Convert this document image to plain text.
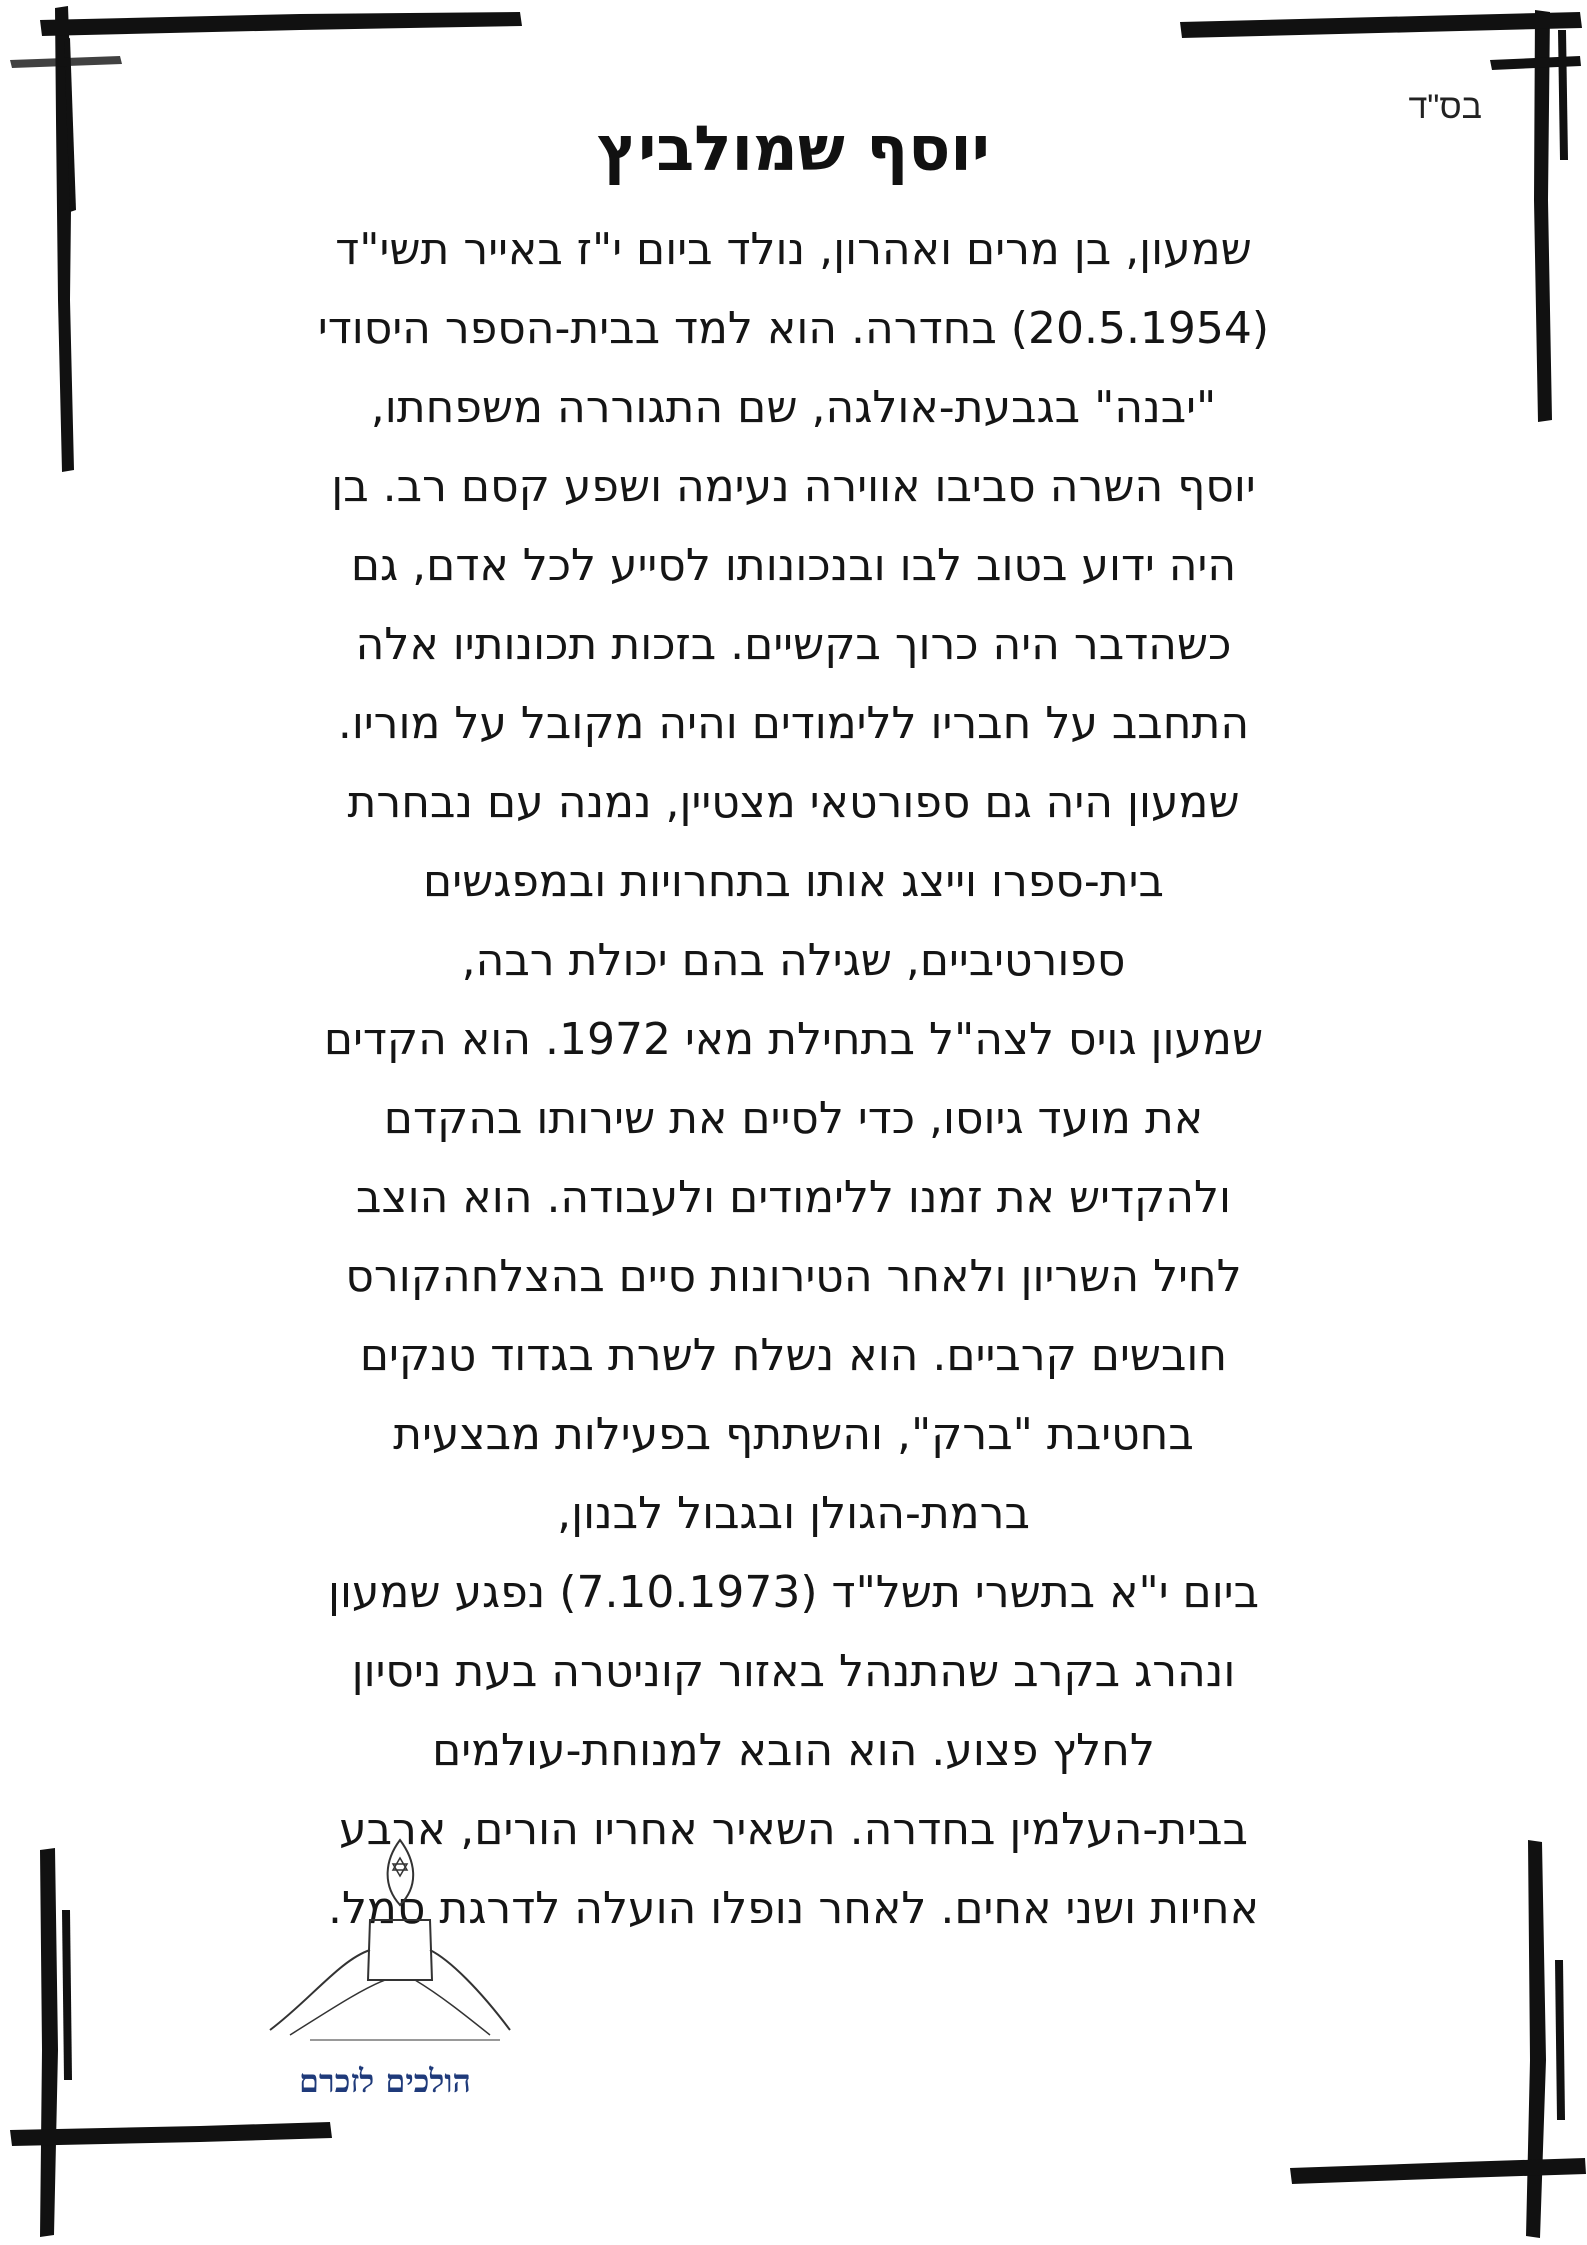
בס"ד
יוסף שמולביץ
שמעון, בן מרים ואהרון, נולד ביום י"ז באייר תשי"ד
(20.5.1954) בחדרה. הוא למד בבית-הספר היסודי
"יבנה" בגבעת-אולגה, שם התגוררה משפחתו,
יוסף השרה סביבו אווירה נעימה ושפע קסם רב. בן
היה ידוע בטוב לבו ובנכונותו לסייע לכל אדם, גם
כשהדבר היה כרוך בקשיים. בזכות תכונותיו אלה
התחבב על חבריו ללימודים והיה מקובל על מוריו.
שמעון היה גם ספורטאי מצטיין, נמנה עם נבחרת
בית-ספרו וייצג אותו בתחרויות ובמפגשים
ספורטיביים, שגילה בהם יכולת רבה,
שמעון גויס לצה"ל בתחילת מאי 1972. הוא הקדים
את מועד גיוסו, כדי לסיים את שירותו בהקדם
ולהקדיש את זמנו ללימודים ולעבודה. הוא הוצב
לחיל השריון ולאחר הטירונות סיים בהצלחהקורס
חובשים קרביים. הוא נשלח לשרת בגדוד טנקים
בחטיבת "ברק", והשתתף בפעילות מבצעית
ברמת-הגולן ובגבול לבנון,
ביום י"א בתשרי תשל"ד (7.10.1973) נפגע שמעון
ונהרג בקרב שהתנהל באזור קוניטרה בעת ניסיון
לחלץ פצוע. הוא הובא למנוחת-עולמים
בבית-העלמין בחדרה. השאיר אחריו הורים, ארבע
אחיות ושני אחים. לאחר נופלו הועלה לדרגת סמל.
הולכים לזכרם
